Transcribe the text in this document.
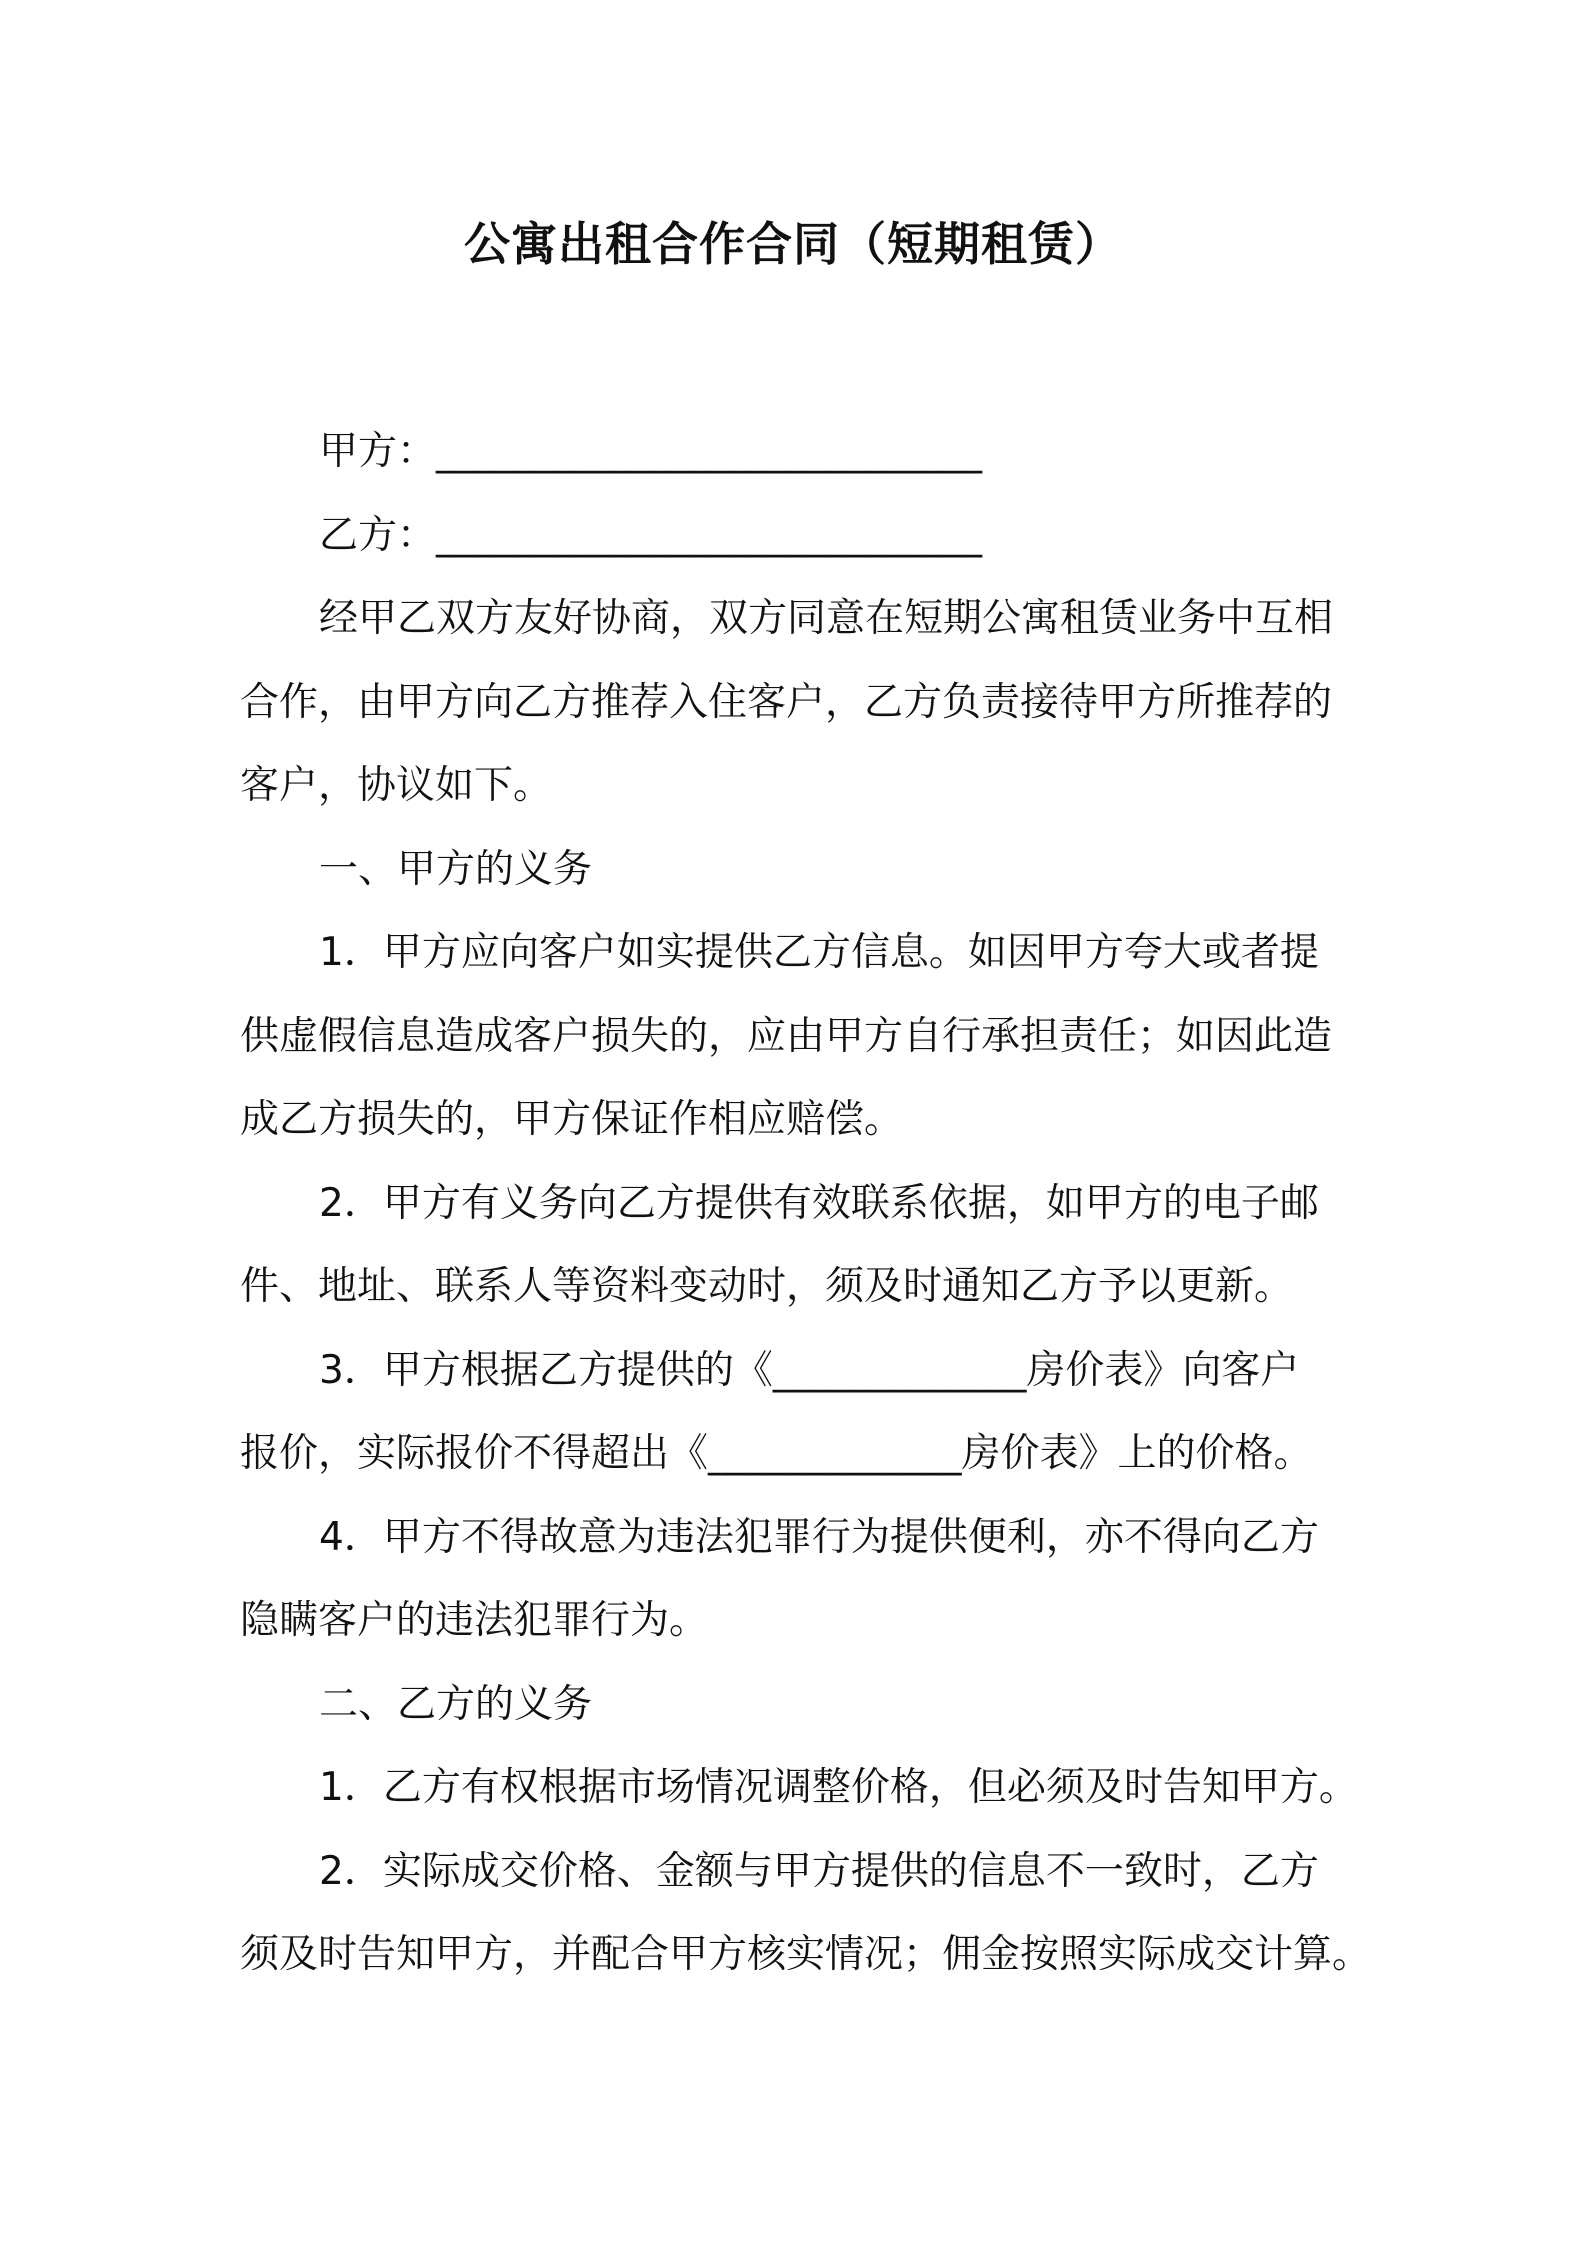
公寓出租合作合同（短期租赁）
甲方：____________________________
乙方：____________________________
经甲乙双方友好协商，双方同意在短期公寓租赁业务中互相
合作，由甲方向乙方推荐入住客户，乙方负责接待甲方所推荐的
客户，协议如下。
一、甲方的义务
1．甲方应向客户如实提供乙方信息。如因甲方夸大或者提
供虚假信息造成客户损失的，应由甲方自行承担责任；如因此造
成乙方损失的，甲方保证作相应赔偿。
2．甲方有义务向乙方提供有效联系依据，如甲方的电子邮
件、地址、联系人等资料变动时，须及时通知乙方予以更新。
3．甲方根据乙方提供的《_____________房价表》向客户
报价，实际报价不得超出《_____________房价表》上的价格。
4．甲方不得故意为违法犯罪行为提供便利，亦不得向乙方
隐瞒客户的违法犯罪行为。
二、乙方的义务
1．乙方有权根据市场情况调整价格，但必须及时告知甲方。
2．实际成交价格、金额与甲方提供的信息不一致时，乙方
须及时告知甲方，并配合甲方核实情况；佣金按照实际成交计算。
